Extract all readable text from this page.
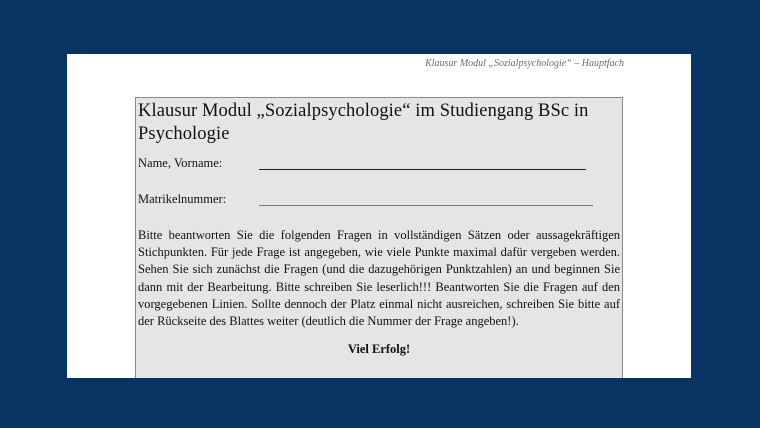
Klausur Modul „Sozialpsychologie“ – Hauptfach
Klausur Modul „Sozialpsychologie“ im Studiengang BSc in Psychologie
Name, Vorname:
Matrikelnummer:

Bitte beantworten Sie die folgenden Fragen in vollständigen Sätzen oder aussagekräftigen Stichpunkten. Für jede Frage ist angegeben, wie viele Punkte maximal dafür vergeben werden. Sehen Sie sich zunächst die Fragen (und die dazugehörigen Punktzahlen) an und beginnen Sie dann mit der Bearbeitung. Bitte schreiben Sie leserlich!!! Beantworten Sie die Fragen auf den vorgegebenen Linien. Sollte dennoch der Platz einmal nicht ausreichen, schreiben Sie bitte auf der Rückseite des Blattes weiter (deutlich die Nummer der Frage angeben!).

Viel Erfolg!
